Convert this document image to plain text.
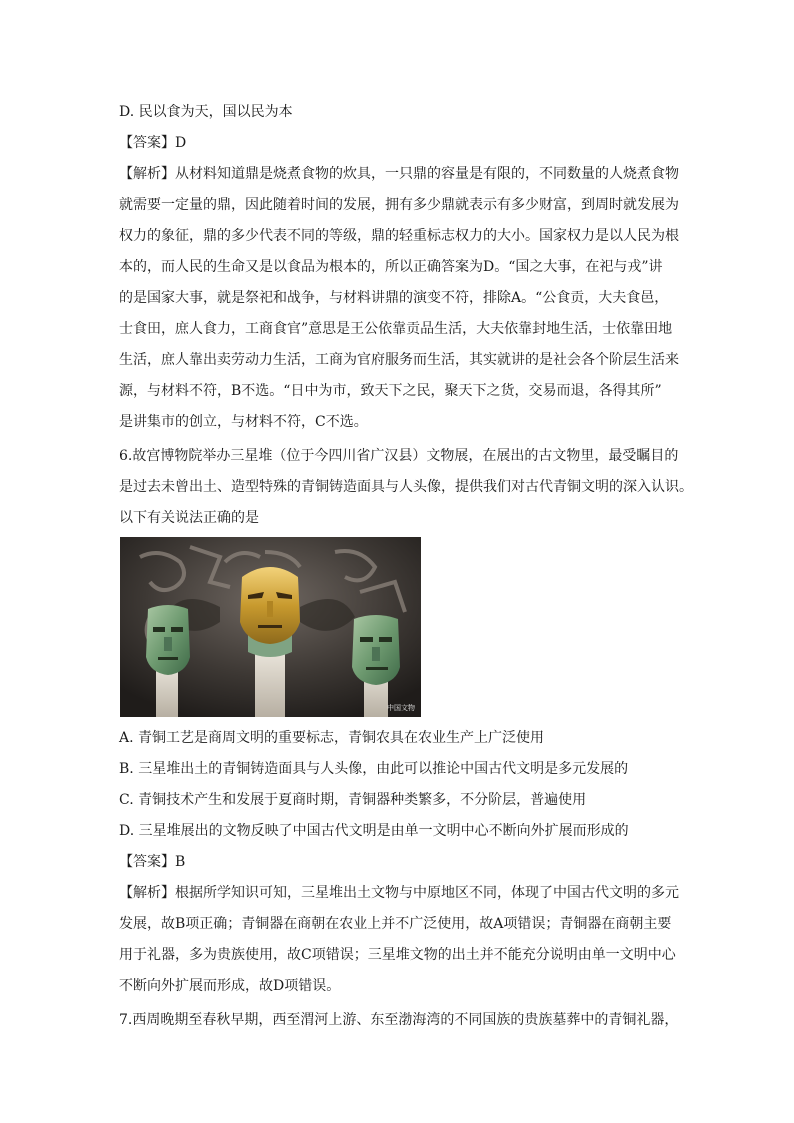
D. 民以食为天，国以民为本
【答案】D
【解析】从材料知道鼎是烧煮食物的炊具，一只鼎的容量是有限的，不同数量的人烧煮食物
就需要一定量的鼎，因此随着时间的发展，拥有多少鼎就表示有多少财富，到周时就发展为
权力的象征，鼎的多少代表不同的等级，鼎的轻重标志权力的大小。国家权力是以人民为根
本的，而人民的生命又是以食品为根本的，所以正确答案为D。“国之大事，在祀与戎”讲
的是国家大事，就是祭祀和战争，与材料讲鼎的演变不符，排除A。“公食贡，大夫食邑，
士食田，庶人食力，工商食官”意思是王公依靠贡品生活，大夫依靠封地生活，士依靠田地
生活，庶人靠出卖劳动力生活，工商为官府服务而生活，其实就讲的是社会各个阶层生活来
源，与材料不符，B不选。“日中为市，致天下之民，聚天下之货，交易而退，各得其所”
是讲集市的创立，与材料不符，C不选。
6.故宫博物院举办三星堆（位于今四川省广汉县）文物展，在展出的古文物里，最受瞩目的
是过去未曾出土、造型特殊的青铜铸造面具与人头像，提供我们对古代青铜文明的深入认识。
以下有关说法正确的是
中国文物
A. 青铜工艺是商周文明的重要标志，青铜农具在农业生产上广泛使用
B. 三星堆出土的青铜铸造面具与人头像，由此可以推论中国古代文明是多元发展的
C. 青铜技术产生和发展于夏商时期，青铜器种类繁多，不分阶层，普遍使用
D. 三星堆展出的文物反映了中国古代文明是由单一文明中心不断向外扩展而形成的
【答案】B
【解析】根据所学知识可知，三星堆出土文物与中原地区不同，体现了中国古代文明的多元
发展，故B项正确；青铜器在商朝在农业上并不广泛使用，故A项错误；青铜器在商朝主要
用于礼器，多为贵族使用，故C项错误；三星堆文物的出土并不能充分说明由单一文明中心
不断向外扩展而形成，故D项错误。
7.西周晚期至春秋早期，西至渭河上游、东至渤海湾的不同国族的贵族墓葬中的青铜礼器，
